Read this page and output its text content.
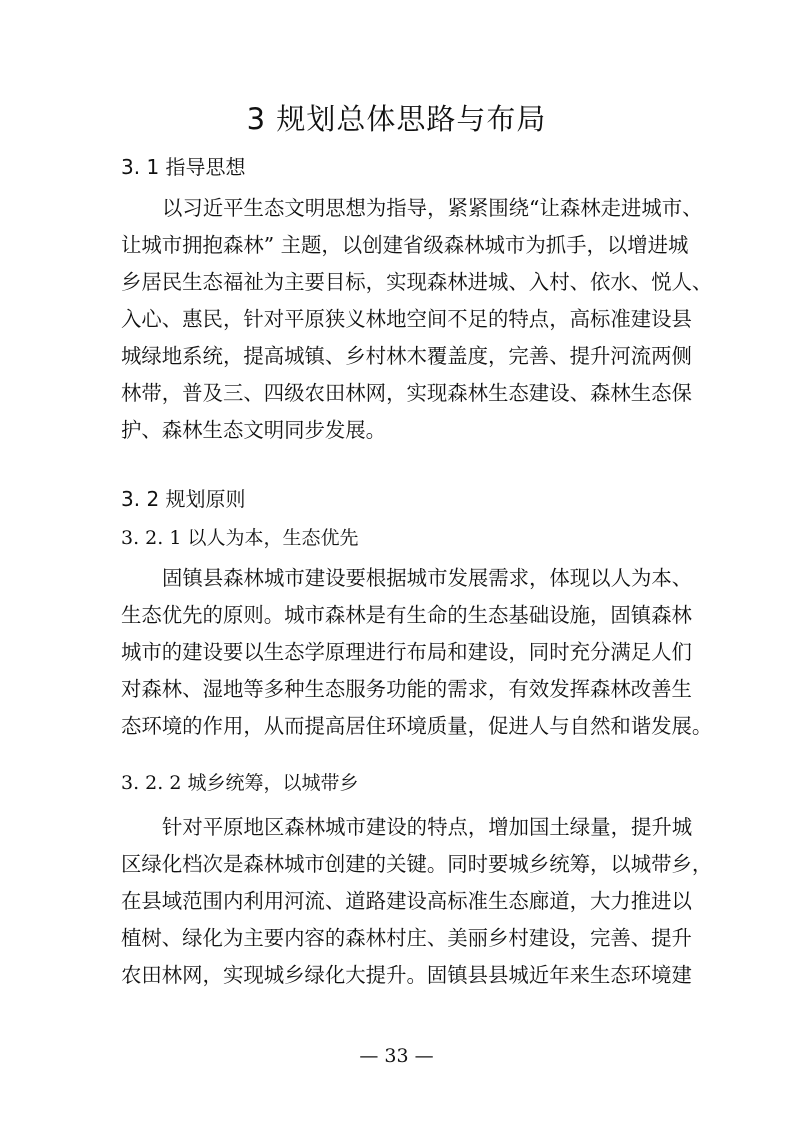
3 规划总体思路与布局
3. 1 指导思想
以习近平生态文明思想为指导，紧紧围绕“让森林走进城市、
让城市拥抱森林” 主题，以创建省级森林城市为抓手，以增进城
乡居民生态福祉为主要目标，实现森林进城、入村、依水、悦人、
入心、惠民，针对平原狭义林地空间不足的特点，高标准建设县
城绿地系统，提高城镇、乡村林木覆盖度，完善、提升河流两侧
林带，普及三、四级农田林网，实现森林生态建设、森林生态保
护、森林生态文明同步发展。
3. 2 规划原则
3. 2. 1 以人为本，生态优先
固镇县森林城市建设要根据城市发展需求，体现以人为本、
生态优先的原则。城市森林是有生命的生态基础设施，固镇森林
城市的建设要以生态学原理进行布局和建设，同时充分满足人们
对森林、湿地等多种生态服务功能的需求，有效发挥森林改善生
态环境的作用，从而提高居住环境质量，促进人与自然和谐发展。
3. 2. 2 城乡统筹，以城带乡
针对平原地区森林城市建设的特点，增加国土绿量，提升城
区绿化档次是森林城市创建的关键。同时要城乡统筹，以城带乡，
在县域范围内利用河流、道路建设高标准生态廊道，大力推进以
植树、绿化为主要内容的森林村庄、美丽乡村建设，完善、提升
农田林网，实现城乡绿化大提升。固镇县县城近年来生态环境建
— 33 —
